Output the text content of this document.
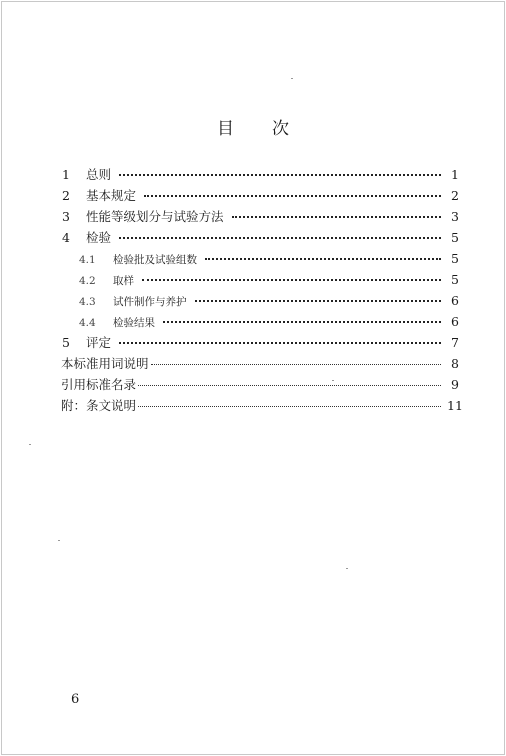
目 次
1	总则	1
2	基本规定	2
3	性能等级划分与试验方法	3
4	检验	5
4.1	检验批及试验组数	5
4.2	取样	5
4.3	试件制作与养护	6
4.4	检验结果	6
5	评定	7
本标准用词说明	8
引用标准名录	9
附：条文说明	11
6
